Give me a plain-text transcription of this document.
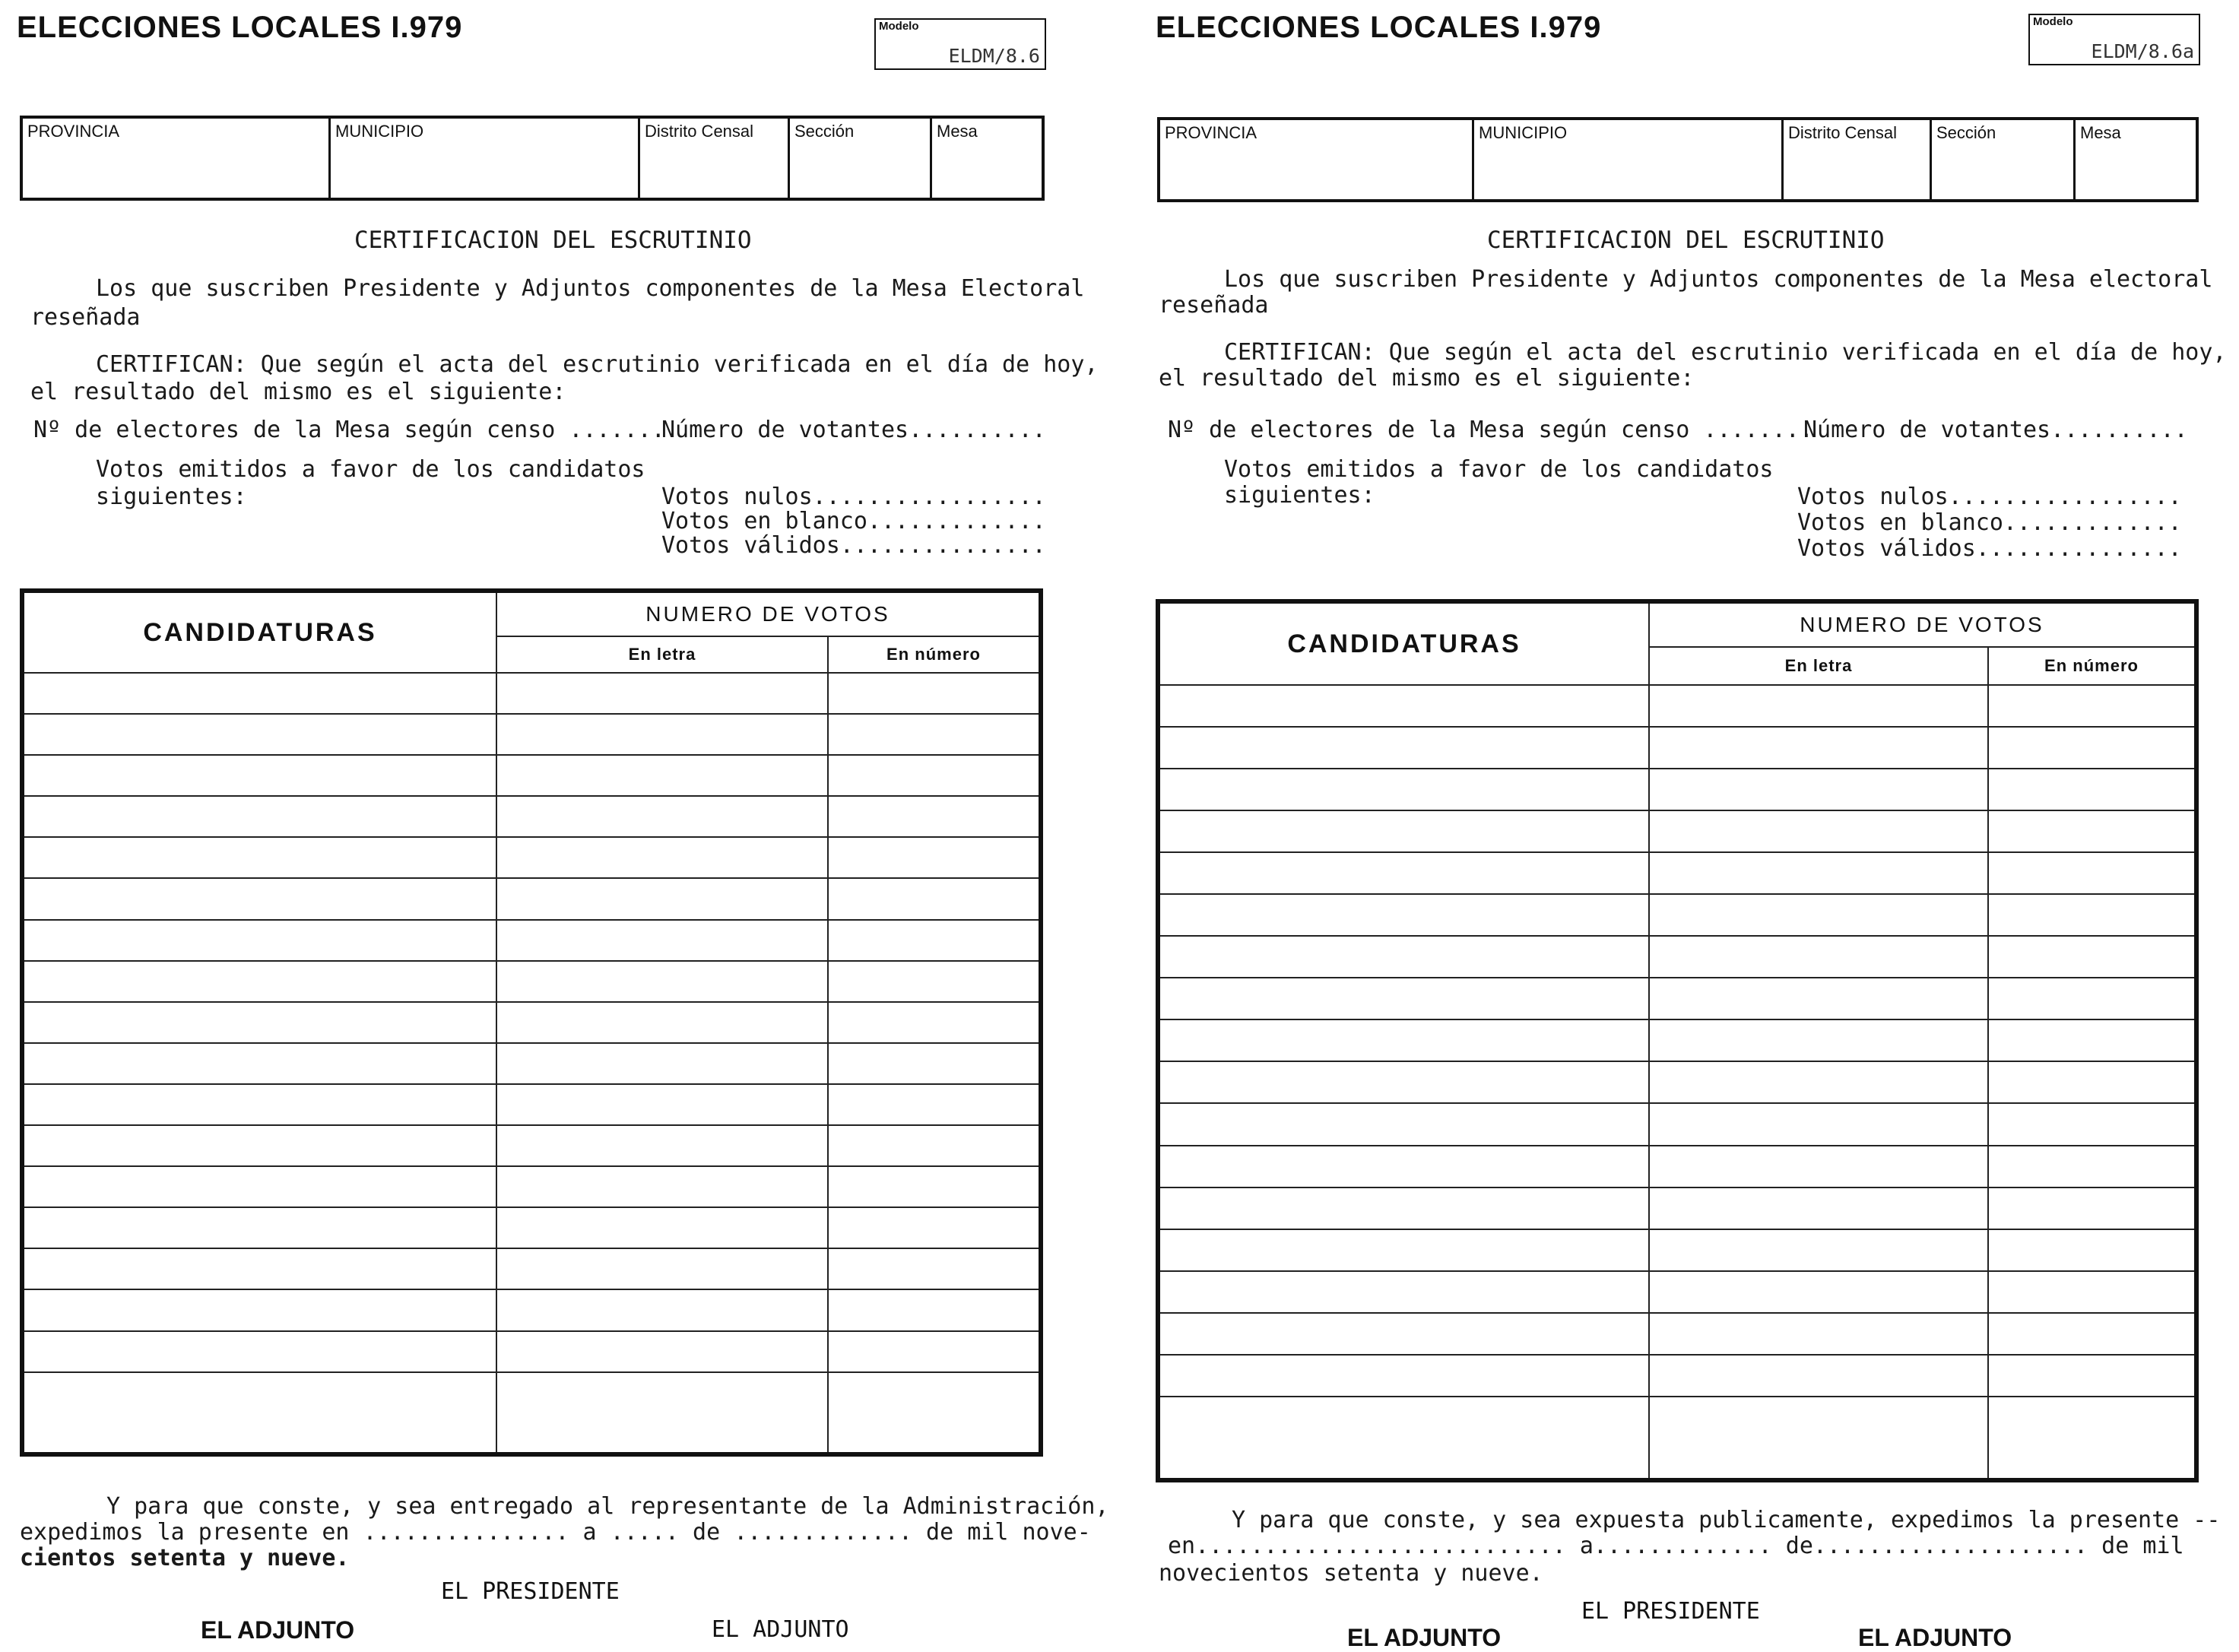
ELECCIONES LOCALES I.979	Modelo
ELDM/8.6
PROVINCIA	MUNICIPIO	Distrito Censal	Sección	Mesa
CERTIFICACION DEL ESCRUTINIO
Los que suscriben Presidente y Adjuntos componentes de la Mesa Electoral
reseñada
CERTIFICAN: Que según el acta del escrutinio verificada en el día de hoy,
el resultado del mismo es el siguiente:
Nº de electores de la Mesa según censo ........
Número de votantes..........
Votos emitidos a favor de los candidatos
siguientes:	Votos nulos.................
Votos en blanco.............
Votos válidos...............
CANDIDATURAS	NUMERO DE VOTOS	
	En letra	En número

Y para que conste, y sea entregado al representante de la Administración,
expedimos la presente en ............... a ..... de ............. de mil nove-
cientos setenta y nueve.
EL PRESIDENTE
EL ADJUNTO	EL ADJUNTO
ELECCIONES LOCALES I.979	Modelo
ELDM/8.6a
PROVINCIA	MUNICIPIO	Distrito Censal	Sección	Mesa
CERTIFICACION DEL ESCRUTINIO
Los que suscriben Presidente y Adjuntos componentes de la Mesa electoral
reseñada
CERTIFICAN: Que según el acta del escrutinio verificada en el día de hoy,
el resultado del mismo es el siguiente:
Nº de electores de la Mesa según censo ........
Número de votantes..........
Votos emitidos a favor de los candidatos
siguientes:	Votos nulos.................
Votos en blanco.............
Votos válidos...............
CANDIDATURAS	NUMERO DE VOTOS	
	En letra	En número

Y para que conste, y sea expuesta publicamente, expedimos la presente --
en........................... a............. de.................... de mil
novecientos setenta y nueve.
EL PRESIDENTE
EL ADJUNTO	EL ADJUNTO
